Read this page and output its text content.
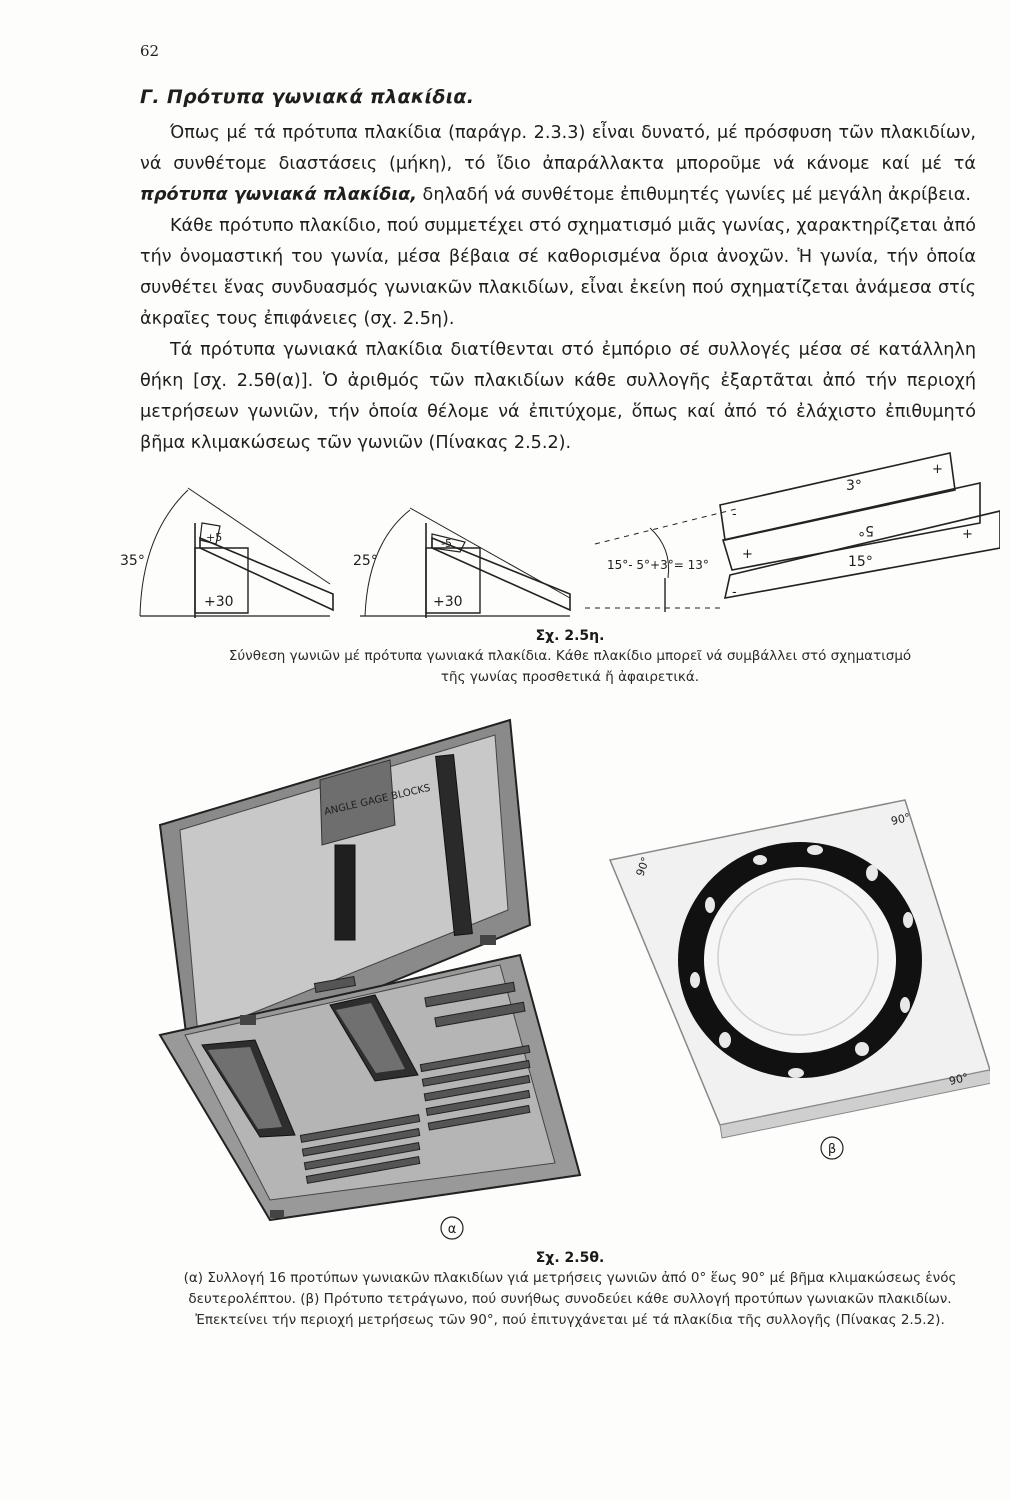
62
Γ. Πρότυπα γωνιακά πλακίδια.

Όπως μέ τά πρότυπα πλακίδια (παράγρ. 2.3.3) εἶναι δυνατό, μέ πρόσφυση τῶν πλακιδίων, νά συνθέτομε διαστάσεις (μήκη), τό ἴδιο ἀπαράλλακτα μποροῦμε νά κάνομε καί μέ τά πρότυπα γωνιακά πλακίδια, δηλαδή νά συνθέτομε ἐπιθυμητές γωνίες μέ μεγάλη ἀκρίβεια.

Κάθε πρότυπο πλακίδιο, πού συμμετέχει στό σχηματισμό μιᾶς γωνίας, χαρακτηρίζεται ἀπό τήν ὀνομαστική του γωνία, μέσα βέβαια σέ καθορισμένα ὅρια ἀνοχῶν. Ἡ γωνία, τήν ὁποία συνθέτει ἕνας συνδυασμός γωνιακῶν πλακιδίων, εἶναι ἐκείνη πού σχηματίζεται ἀνάμεσα στίς ἀκραῖες τους ἐπιφάνειες (σχ. 2.5η).

Τά πρότυπα γωνιακά πλακίδια διατίθενται στό ἐμπόριο σέ συλλογές μέσα σέ κατάλληλη θήκη [σχ. 2.5θ(α)]. Ὁ ἀριθμός τῶν πλακιδίων κάθε συλλογῆς ἐξαρτᾶται ἀπό τήν περιοχή μετρήσεων γωνιῶν, τήν ὁποία θέλομε νά ἐπιτύχομε, ὅπως καί ἀπό τό ἐλάχιστο ἐπιθυμητό βῆμα κλιμακώσεως τῶν γωνιῶν (Πίνακας 2.5.2).

35°
+30
+5
25°
+30
-5
15°- 5°+3°= 13°
3°
5°
15°
+
-
+
+
-
Σχ. 2.5η.
Σύνθεση γωνιῶν μέ πρότυπα γωνιακά πλακίδια. Κάθε πλακίδιο μπορεῖ νά συμβάλλει στό σχηματισμό τῆς γωνίας προσθετικά ἤ ἀφαιρετικά.
ANGLE GAGE BLOCKS
90°
90°
90°
β
α
Σχ. 2.5θ.
(α) Συλλογή 16 προτύπων γωνιακῶν πλακιδίων γιά μετρήσεις γωνιῶν ἀπό 0° ἕως 90° μέ βῆμα κλιμακώσεως ἑνός δευτερολέπτου. (β) Πρότυπο τετράγωνο, πού συνήθως συνοδεύει κάθε συλλογή προτύπων γωνιακῶν πλακιδίων. Ἐπεκτείνει τήν περιοχή μετρήσεως τῶν 90°, πού ἐπιτυγχάνεται μέ τά πλακίδια τῆς συλλογῆς (Πίνακας 2.5.2).
